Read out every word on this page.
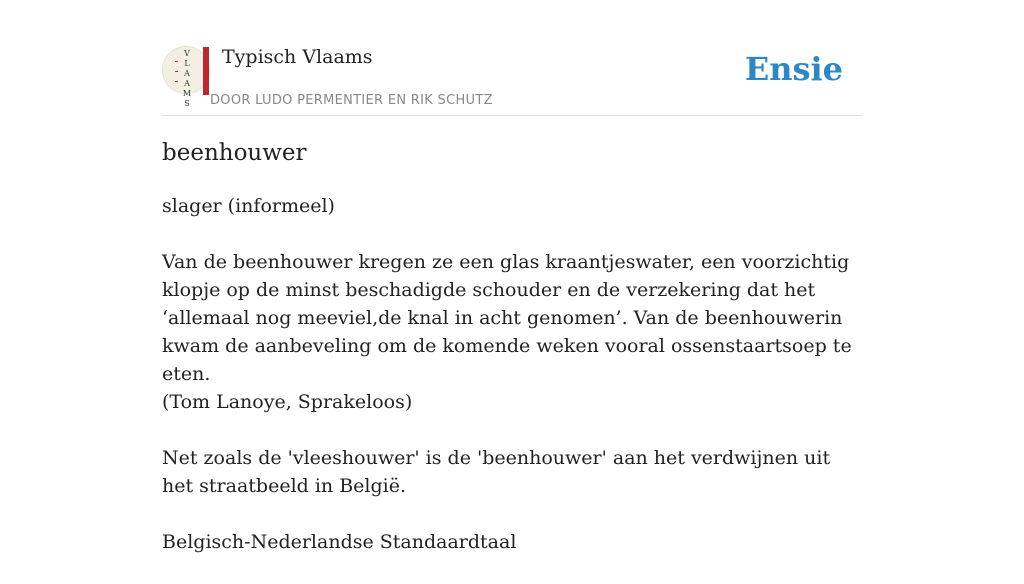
V
L
A
A
M
S
Typisch Vlaams
DOOR LUDO PERMENTIER EN RIK SCHUTZ
Ensie
beenhouwer

slager (informeel)

Van de beenhouwer kregen ze een glas kraantjeswater, een voorzichtig klopje op de minst beschadigde schouder en de verzekering dat het ‘allemaal nog meeviel,de knal in acht genomen’. Van de beenhouwerin kwam de aanbeveling om de komende weken vooral ossenstaartsoep te eten.
(Tom Lanoye, Sprakeloos)

Net zoals de 'vleeshouwer' is de 'beenhouwer' aan het verdwijnen uit het straatbeeld in België.

Belgisch-Nederlandse Standaardtaal
